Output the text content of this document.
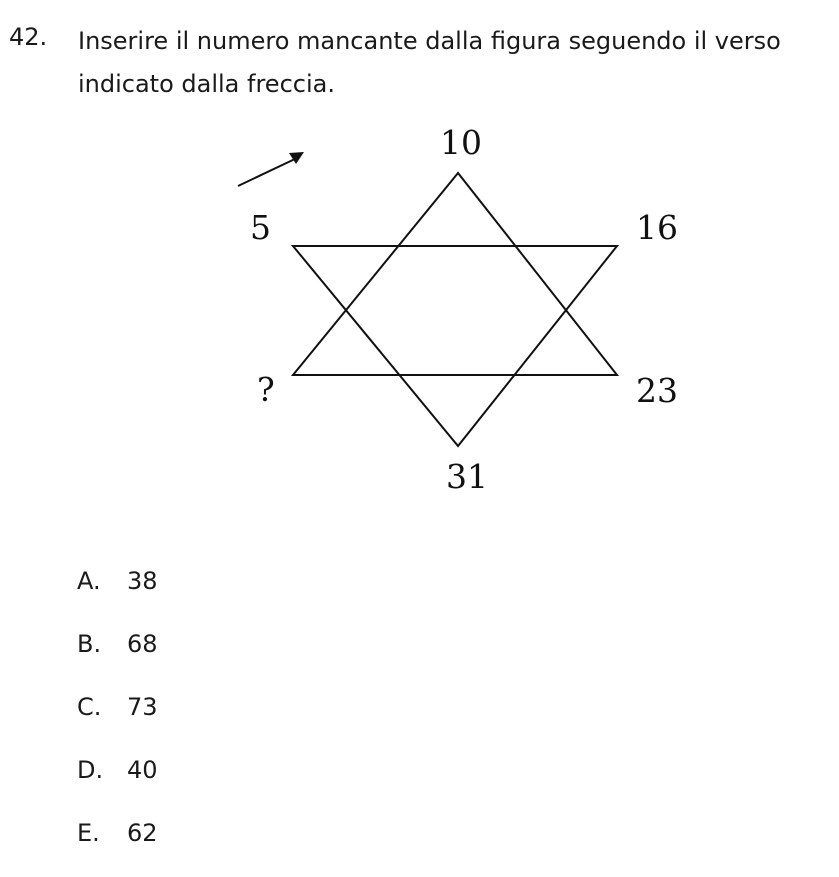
42. Inserire il numero mancante dalla figura seguendo il verso indicato dalla freccia.

10
16
23
31
?
5
A.	38
B.	68
C.	73
D. 40
E.	62
